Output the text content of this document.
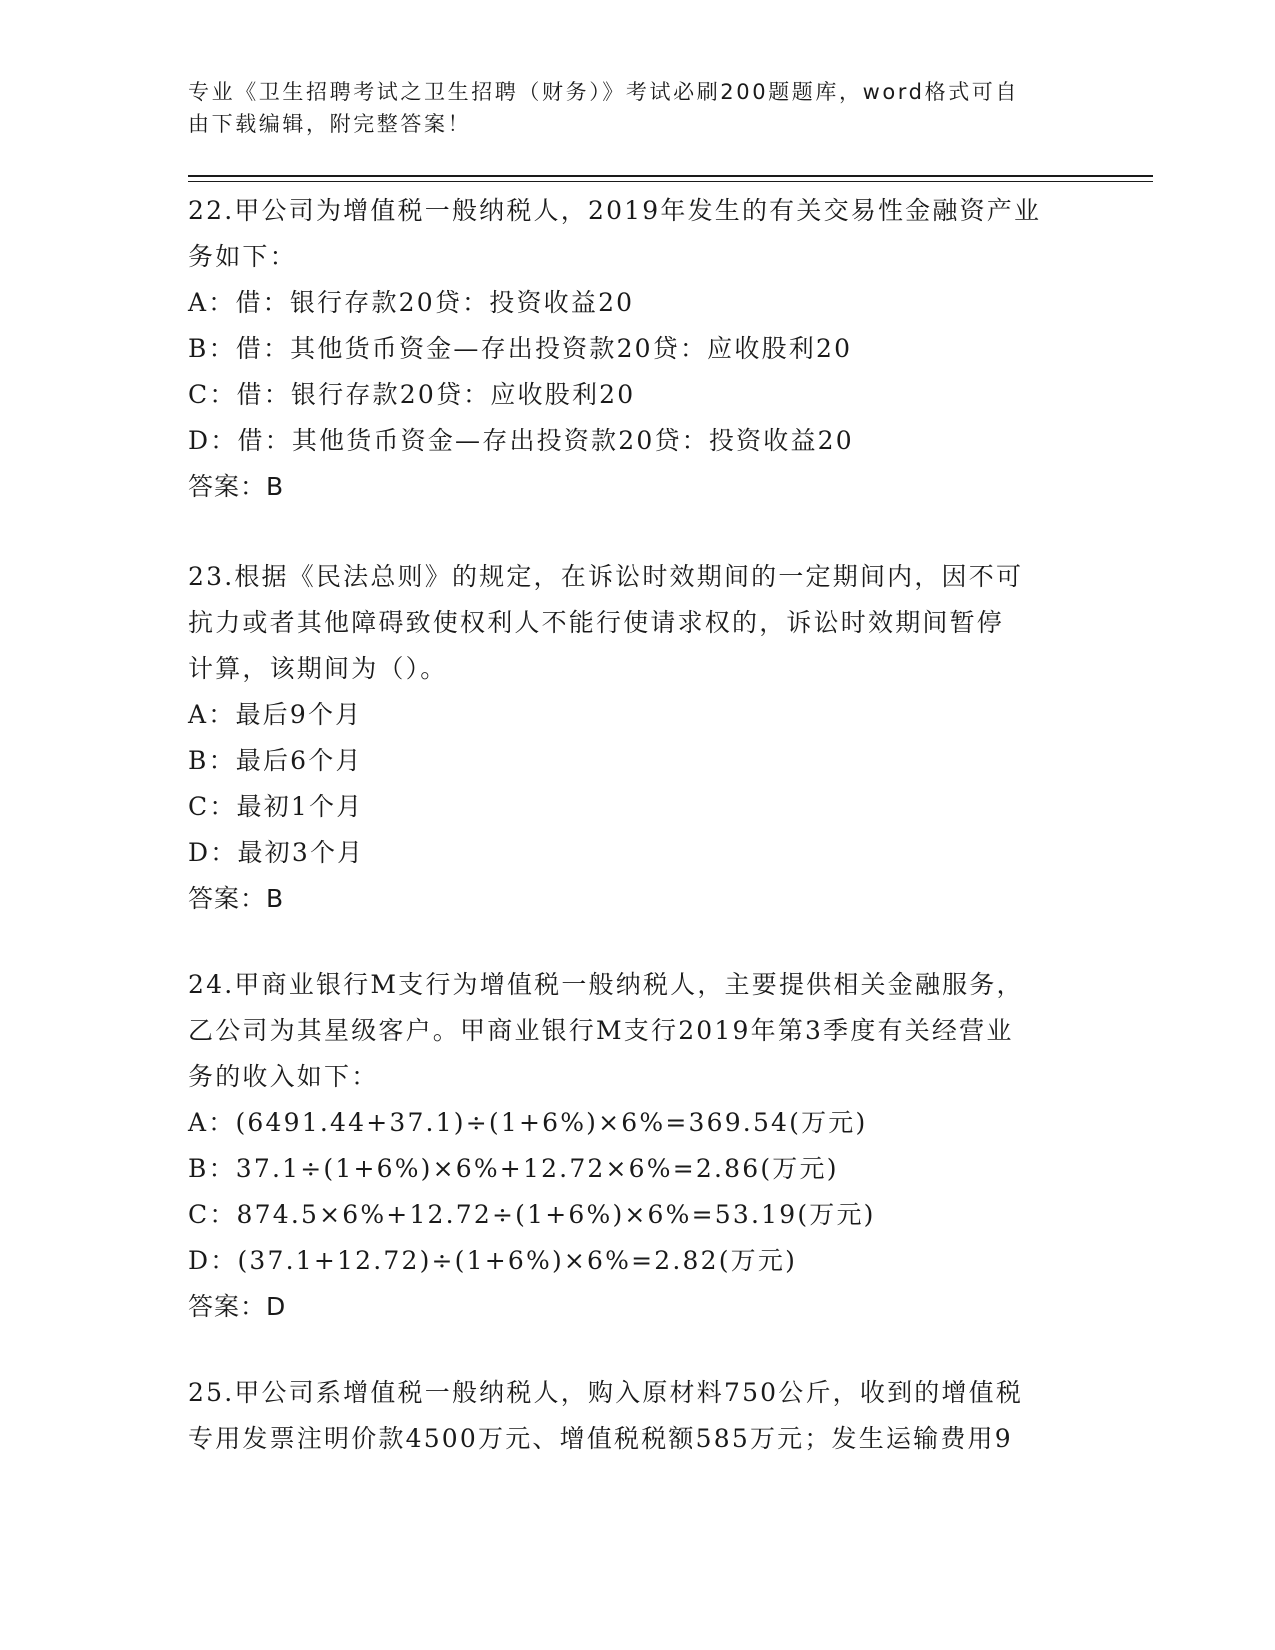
专业《卫生招聘考试之卫生招聘（财务）》考试必刷200题题库，word格式可自
由下载编辑，附完整答案！
22.甲公司为增值税一般纳税人，2019年发生的有关交易性金融资产业
务如下：
A：借：银行存款20贷：投资收益20
B：借：其他货币资金—存出投资款20贷：应收股利20
C：借：银行存款20贷：应收股利20
D：借：其他货币资金—存出投资款20贷：投资收益20
答案：B
23.根据《民法总则》的规定，在诉讼时效期间的一定期间内，因不可
抗力或者其他障碍致使权利人不能行使请求权的，诉讼时效期间暂停
计算，该期间为（）。
A：最后9个月
B：最后6个月
C：最初1个月
D：最初3个月
答案：B
24.甲商业银行M支行为增值税一般纳税人，主要提供相关金融服务，
乙公司为其星级客户。甲商业银行M支行2019年第3季度有关经营业
务的收入如下：
A：(6491.44+37.1)÷(1+6%)×6%=369.54(万元)
B：37.1÷(1+6%)×6%+12.72×6%=2.86(万元)
C：874.5×6%+12.72÷(1+6%)×6%=53.19(万元)
D：(37.1+12.72)÷(1+6%)×6%=2.82(万元)
答案：D
25.甲公司系增值税一般纳税人，购入原材料750公斤，收到的增值税
专用发票注明价款4500万元、增值税税额585万元；发生运输费用9
